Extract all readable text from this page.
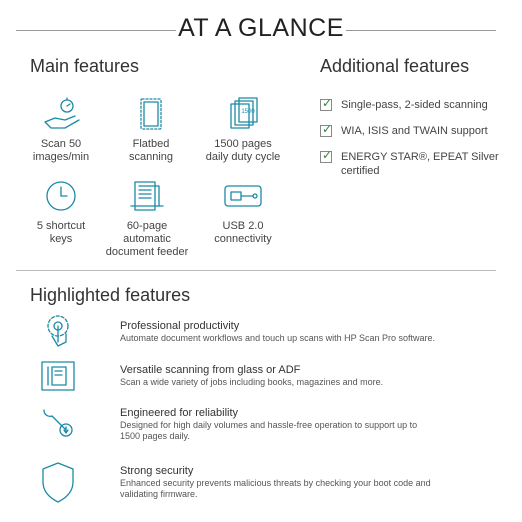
AT A GLANCE
Main features
Scan 50
images/min
Flatbed
scanning
1500
1500 pages
daily duty cycle
5 shortcut
keys
60-page automatic
document feeder
USB 2.0
connectivity
Additional features
✓ Single-pass, 2-sided scanning
✓ WIA, ISIS and TWAIN support
✓ ENERGY STAR®, EPEAT Silver
certified
Highlighted features
Professional productivity
Automate document workflows and touch up scans with HP Scan Pro software.
Versatile scanning from glass or ADF
Scan a wide variety of jobs including books, magazines and more.
Engineered for reliability
Designed for high daily volumes and hassle-free operation to support up to
1500 pages daily.
Strong security
Enhanced security prevents malicious threats by checking your boot code and
validating firmware.
